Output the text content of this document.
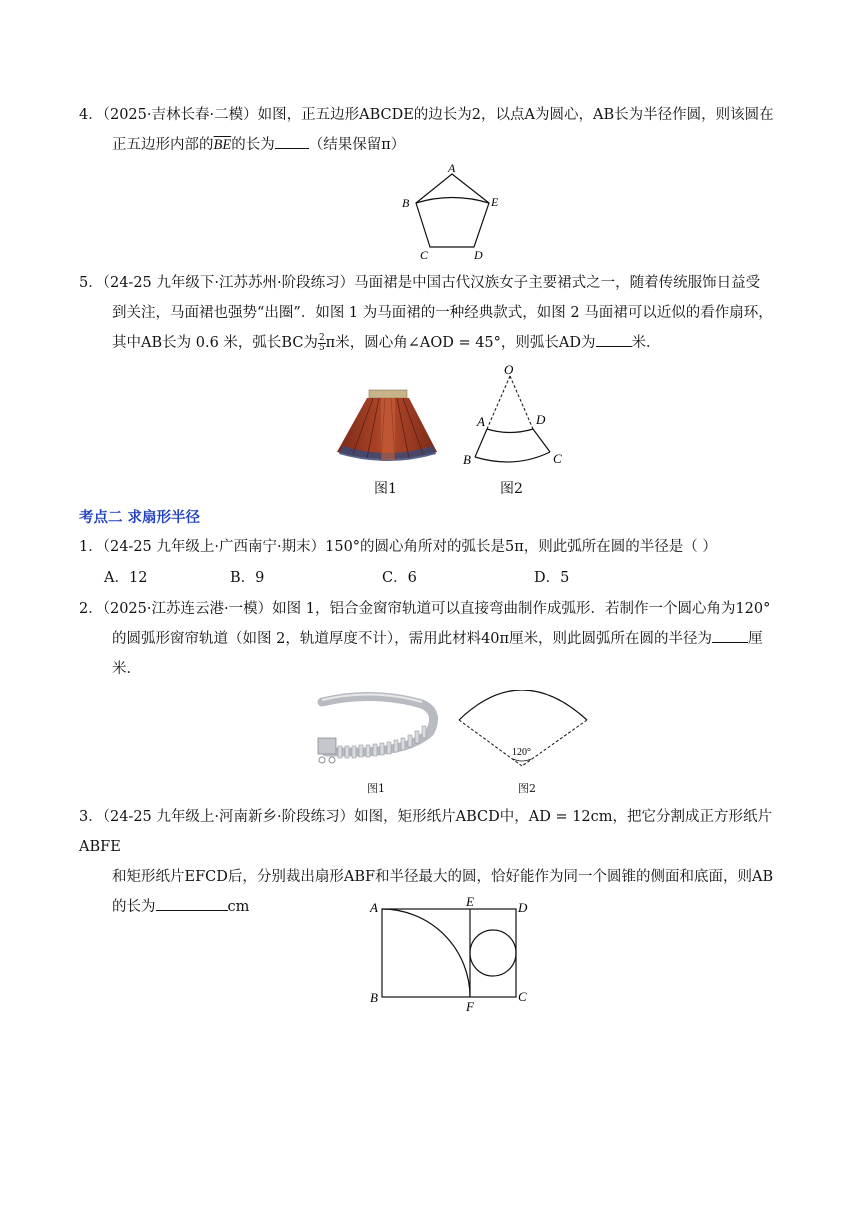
4．（2025·吉林长春·二模）如图，正五边形ABCDE的边长为2，以点A为圆心，AB长为半径作圆，则该圆在

正五边形内部的$\overline{BE}$的长为 （结果保留π）

A
B	E
C	D

5．（24-25 九年级下·江苏苏州·阶段练习）马面裙是中国古代汉族女子主要裙式之一，随着传统服饰日益受

到关注，马面裙也强势“出圈”．如图 1 为马面裙的一种经典款式，如图 2 马面裙可以近似的看作扇环，

其中AB长为 0.6 米，弧长BC为 $\frac{2}{5}$ π米，圆心角∠AOD = 45°，则弧长AD为 米．

O
A	D
B	C
图1	图2
考点二 求扇形半径

1．（24-25 九年级上·广西南宁·期末）150°的圆心角所对的弧长是5π，则此弧所在圆的半径是（ ）

A．12	B．9	C．6	D．5

2．（2025·江苏连云港·一模）如图 1，铝合金窗帘轨道可以直接弯曲制作成弧形．若制作一个圆心角为120°

的圆弧形窗帘轨道（如图 2，轨道厚度不计），需用此材料40π厘米，则此圆弧所在圆的半径为 厘

米．

图1
120°
图2

3．（24-25 九年级上·河南新乡·阶段练习）如图，矩形纸片ABCD中，AD = 12cm，把它分割成正方形纸片ABFE

和矩形纸片EFCD后，分别裁出扇形ABF和半径最大的圆，恰好能作为同一个圆锥的侧面和底面，则AB

的长为	cm	A	E	D
B
F
C
